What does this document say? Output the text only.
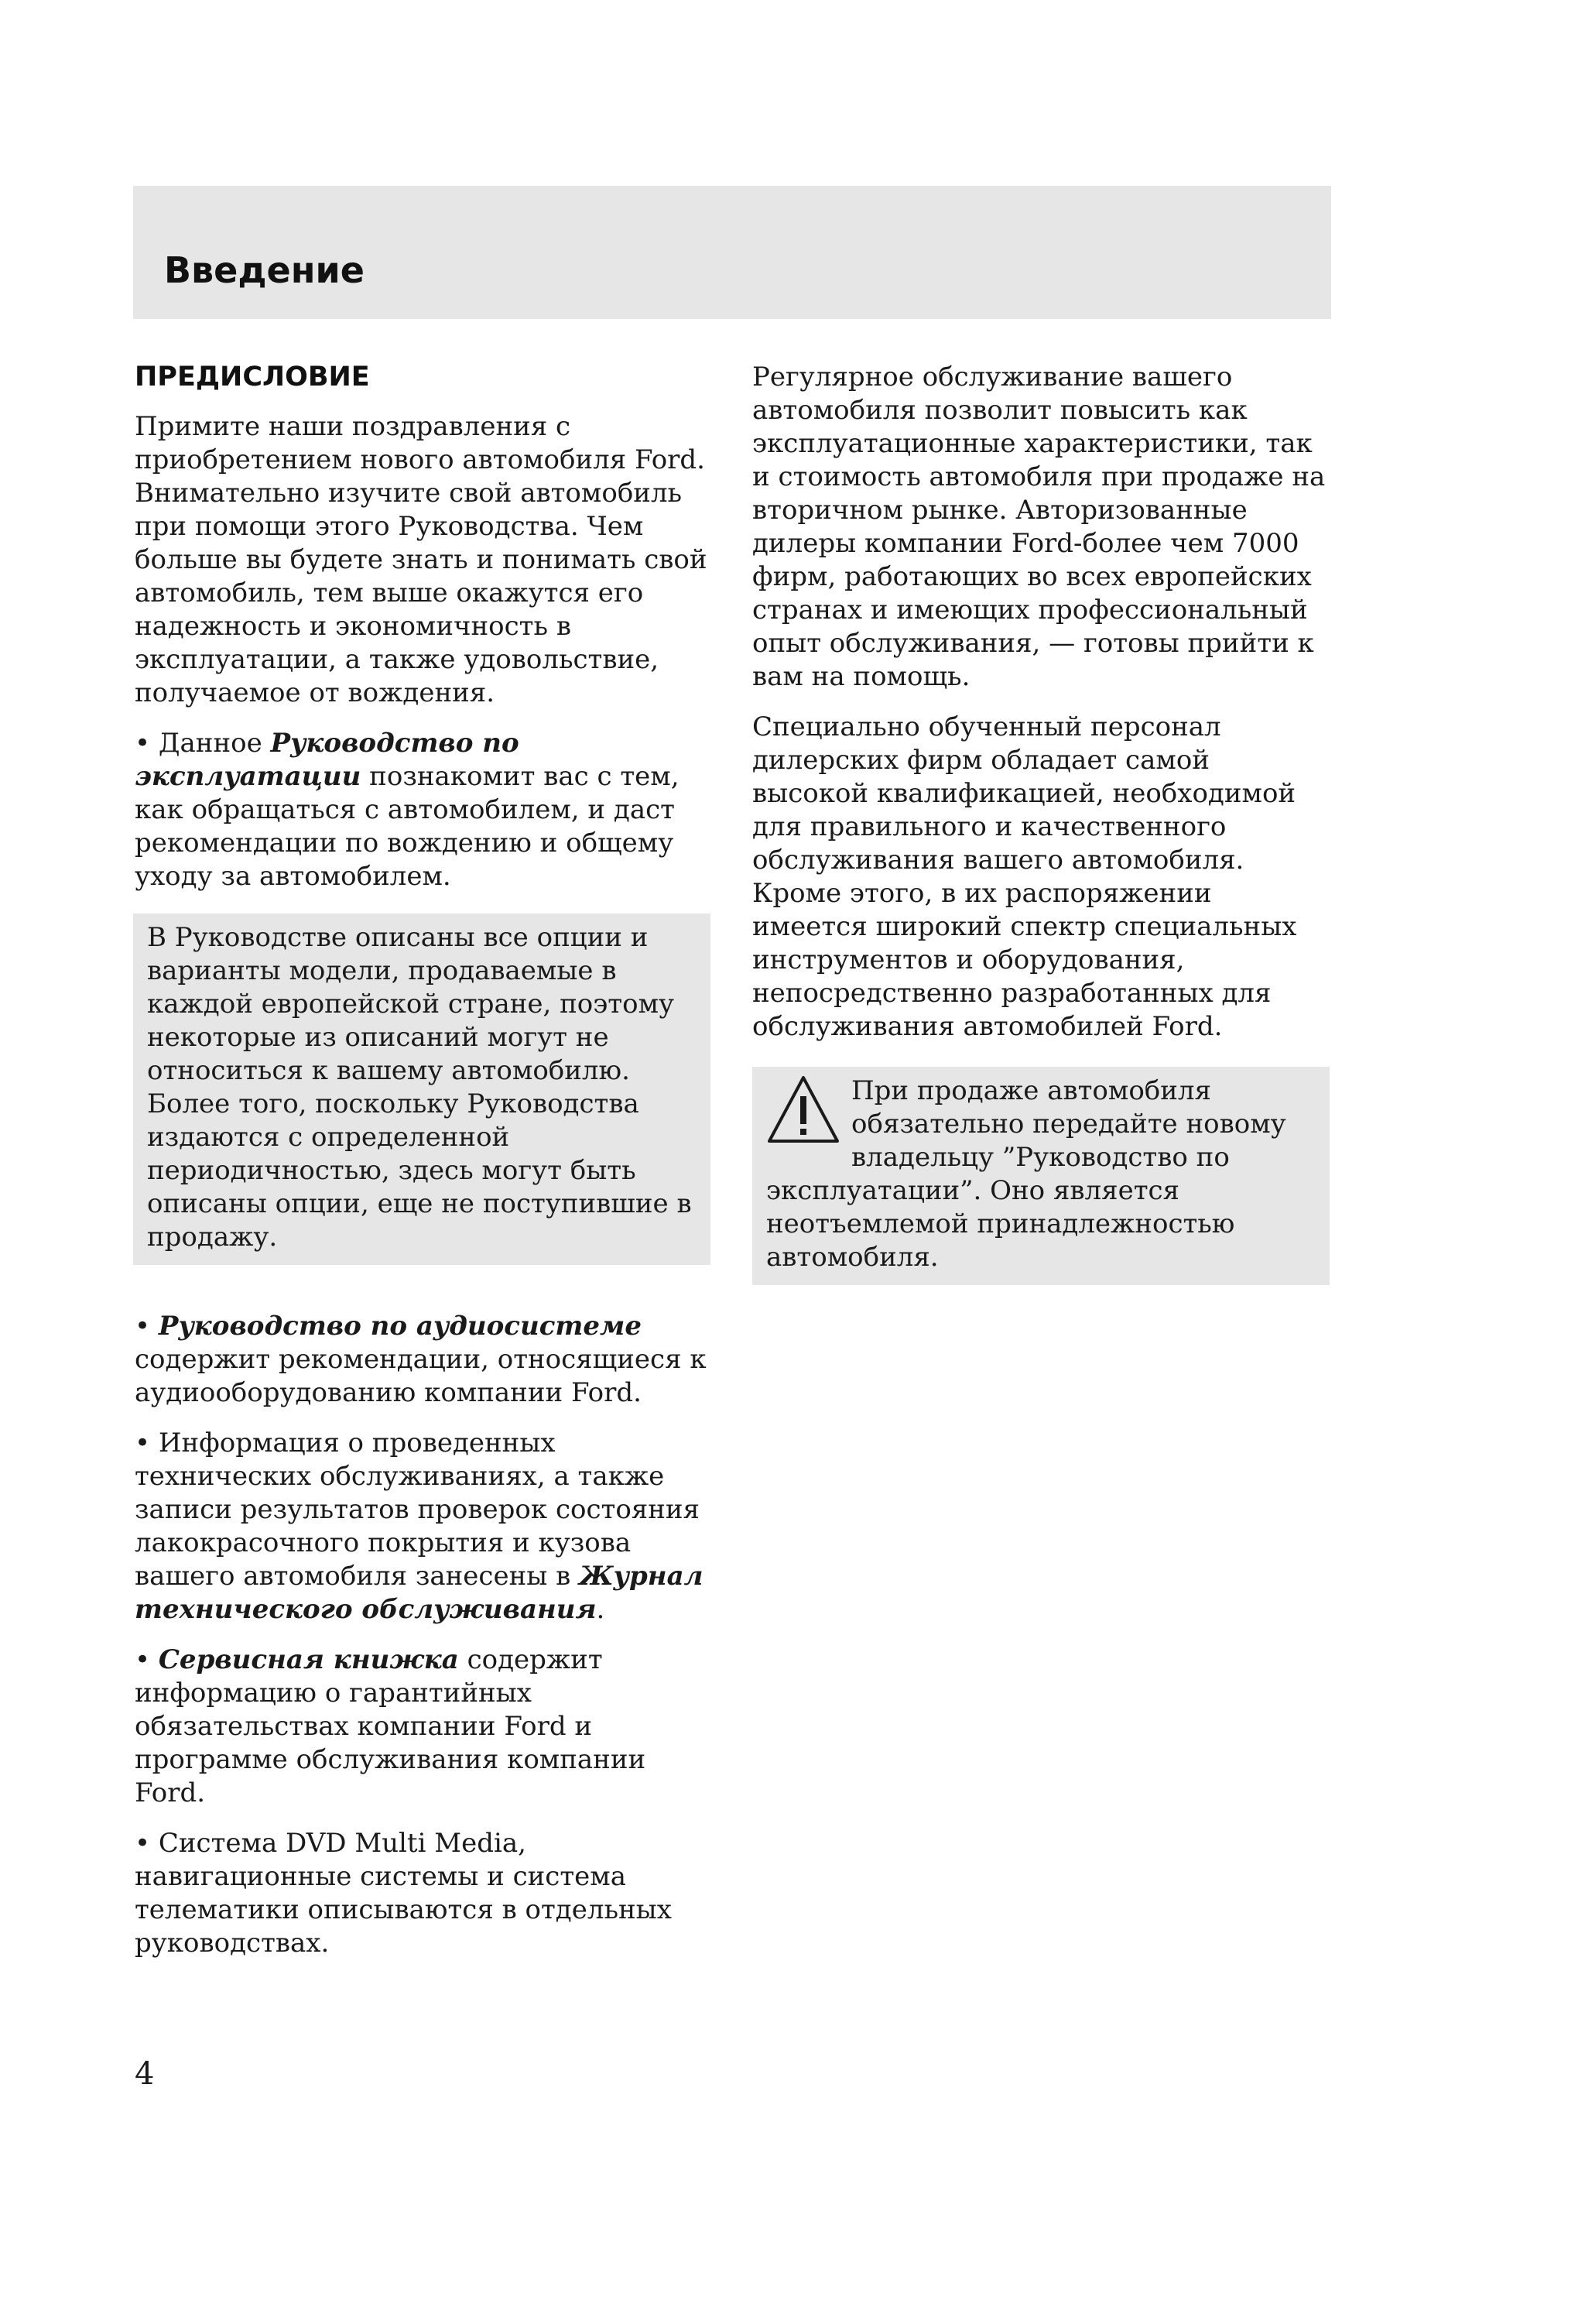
Введение
ПРЕДИСЛОВИЕ

Примите наши поздравления с приобретением нового автомобиля Ford. Внимательно изучите свой автомобиль при помощи этого Руководства. Чем больше вы будете знать и понимать свой автомобиль, тем выше окажутся его надежность и экономичность в эксплуатации, а также удовольствие, получаемое от вождения.

• Данное Руководство по эксплуатации познакомит вас с тем, как обращаться с автомобилем, и даст рекомендации по вождению и общему уходу за автомобилем.

В Руководстве описаны все опции и варианты модели, продаваемые в каждой европейской стране, поэтому некоторые из описаний могут не относиться к вашему автомобилю. Более того, поскольку Руководства издаются с определенной периодичностью, здесь могут быть описаны опции, еще не поступившие в продажу.

• Руководство по аудиосистеме содержит рекомендации, относящиеся к аудиооборудованию компании Ford.

• Информация о проведенных технических обслуживаниях, а также записи результатов проверок состояния лакокрасочного покрытия и кузова вашего автомобиля занесены в Журнал технического обслуживания.

• Сервисная книжка содержит информацию о гарантийных обязательствах компании Ford и программе обслуживания компании Ford.

• Система DVD Multi Media, навигационные системы и система телематики описываются в отдельных руководствах.

Регулярное обслуживание вашего автомобиля позволит повысить как эксплуатационные характеристики, так и стоимость автомобиля при продаже на вторичном рынке. Авторизованные дилеры компании Ford-более чем 7000 фирм, работающих во всех европейских странах и имеющих профессиональный опыт обслуживания, — готовы прийти к вам на помощь.

Специально обученный персонал дилерских фирм обладает самой высокой квалификацией, необходимой для правильного и качественного обслуживания вашего автомобиля. Кроме этого, в их распоряжении имеется широкий спектр специальных инструментов и оборудования, непосредственно разработанных для обслуживания автомобилей Ford.

При продаже автомобиля обязательно передайте новому владельцу ”Руководство по эксплуатации”. Оно является неотъемлемой принадлежностью автомобиля.
4
